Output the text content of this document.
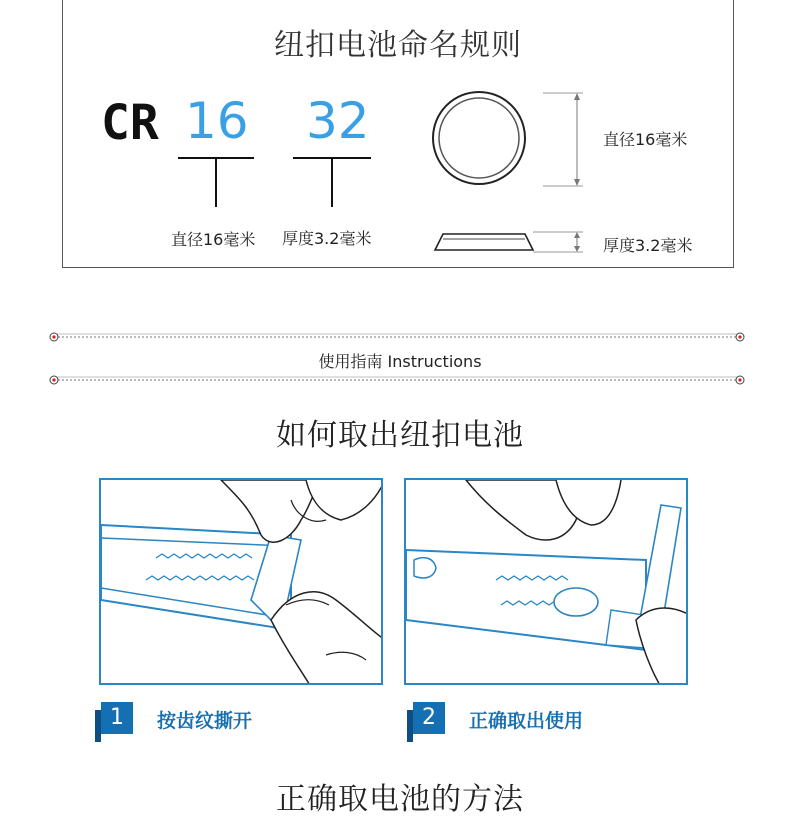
纽扣电池命名规则
CR 16 32
直径16毫米 厚度3.2毫米
直径16毫米
厚度3.2毫米
使用指南 Instructions
如何取出纽扣电池
1	按齿纹撕开	2	正确取出使用
正确取电池的方法
